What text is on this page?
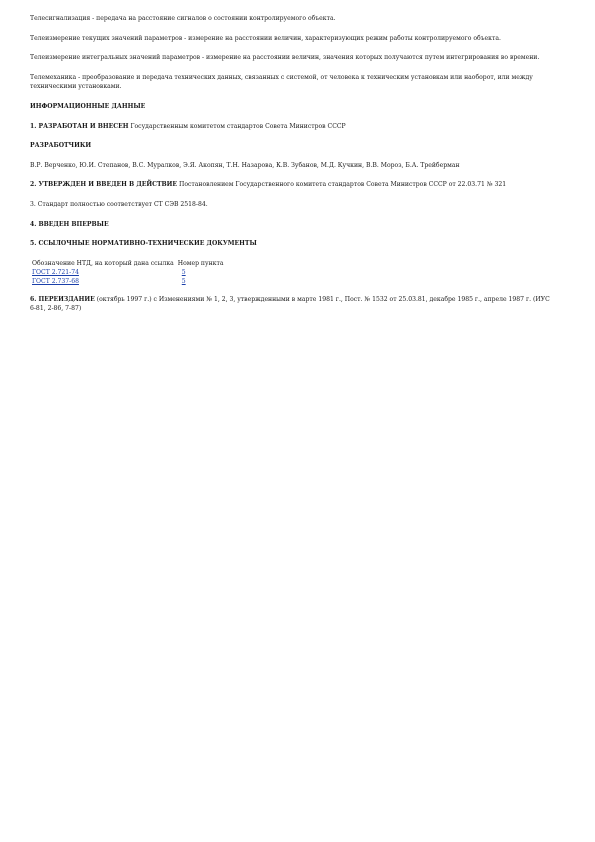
Телесигнализация - передача на расстояние сигналов о состоянии контролируемого объекта.

Телеизмерение текущих значений параметров - измерение на расстоянии величин, характеризующих режим работы контролируемого объекта.

Телеизмерение интегральных значений параметров - измерение на расстоянии величин, значения которых получаются путем интегрирования во времени.

Телемеханика - преобразование и передача технических данных, связанных с системой, от человека к техническим установкам или наоборот, или между техническими установками.

ИНФОРМАЦИОННЫЕ ДАННЫЕ

1. РАЗРАБОТАН И ВНЕСЕН Государственным комитетом стандартов Совета Министров СССР

РАЗРАБОТЧИКИ

В.Р. Верченко, Ю.И. Степанов, В.С. Муралков, Э.Я. Акопян, Т.Н. Назарова, К.В. Зубанов, М.Д. Кучкин, В.В. Мороз, Б.А. Трейберман

2. УТВЕРЖДЕН И ВВЕДЕН В ДЕЙСТВИЕ Постановлением Государственного комитета стандартов Совета Министров СССР от 22.03.71 № 321

3. Стандарт полностью соответствует СТ СЭВ 2518-84.

4. ВВЕДЕН ВПЕРВЫЕ

5. ССЫЛОЧНЫЕ НОРМАТИВНО-ТЕХНИЧЕСКИЕ ДОКУМЕНТЫ

Обозначение НТД, на который дана ссылка	Номер пункта
ГОСТ 2.721-74	5
ГОСТ 2.737-68	5

6. ПЕРЕИЗДАНИЕ (октябрь 1997 г.) с Изменениями № 1, 2, 3, утвержденными в марте 1981 г., Пост. № 1532 от 25.03.81, декабре 1985 г., апреле 1987 г. (ИУС 6-81, 2-86, 7-87)
